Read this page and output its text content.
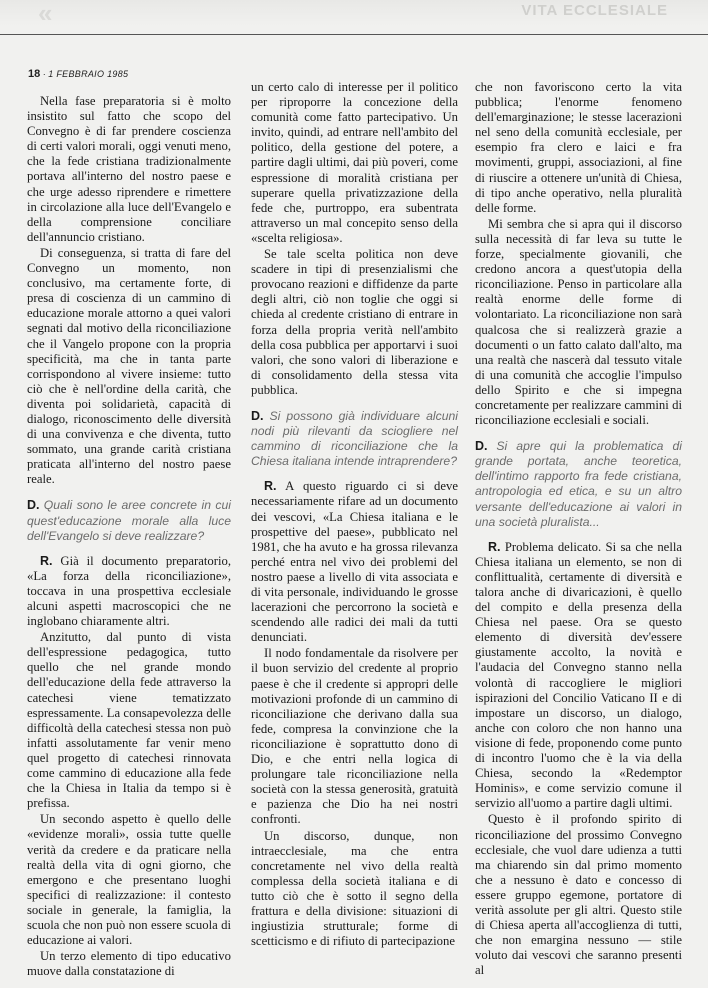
«	VITA ECCLESIALE
18 · 1 FEBBRAIO 1985

Nella fase preparatoria si è molto insistito sul fatto che scopo del Convegno è di far prendere coscienza di certi valori morali, oggi venuti meno, che la fede cristiana tradizionalmente portava all'interno del nostro paese e che urge adesso riprendere e rimettere in circolazione alla luce dell'Evangelo e della comprensione conciliare dell'annuncio cristiano.

Di conseguenza, si tratta di fare del Convegno un momento, non conclusivo, ma certamente forte, di presa di coscienza di un cammino di educazione morale attorno a quei valori segnati dal motivo della riconciliazione che il Vangelo propone con la propria specificità, ma che in tanta parte corrispondono al vivere insieme: tutto ciò che è nell'ordine della carità, che diventa poi solidarietà, capacità di dialogo, riconoscimento delle diversità di una convivenza e che diventa, tutto sommato, una grande carità cristiana praticata all'interno del nostro paese reale.

D. Quali sono le aree concrete in cui quest'educazione morale alla luce dell'Evangelo si deve realizzare?

R. Già il documento preparatorio, «La forza della riconciliazione», toccava in una prospettiva ecclesiale alcuni aspetti macroscopici che ne inglobano chiaramente altri.

Anzitutto, dal punto di vista dell'espressione pedagogica, tutto quello che nel grande mondo dell'educazione della fede attraverso la catechesi viene tematizzato espressamente. La consapevolezza delle difficoltà della catechesi stessa non può infatti assolutamente far venir meno quel progetto di catechesi rinnovata come cammino di educazione alla fede che la Chiesa in Italia da tempo si è prefissa.

Un secondo aspetto è quello delle «evidenze morali», ossia tutte quelle verità da credere e da praticare nella realtà della vita di ogni giorno, che emergono e che presentano luoghi specifici di realizzazione: il contesto sociale in generale, la famiglia, la scuola che non può non essere scuola di educazione ai valori.

Un terzo elemento di tipo educativo muove dalla constatazione di

un certo calo di interesse per il politico per riproporre la concezione della comunità come fatto partecipativo. Un invito, quindi, ad entrare nell'ambito del politico, della gestione del potere, a partire dagli ultimi, dai più poveri, come espressione di moralità cristiana per superare quella privatizzazione della fede che, purtroppo, era subentrata attraverso un mal concepito senso della «scelta religiosa».

Se tale scelta politica non deve scadere in tipi di presenzialismi che provocano reazioni e diffidenze da parte degli altri, ciò non toglie che oggi si chieda al credente cristiano di entrare in forza della propria verità nell'ambito della cosa pubblica per apportarvi i suoi valori, che sono valori di liberazione e di consolidamento della stessa vita pubblica.

D. Si possono già individuare alcuni nodi più rilevanti da sciogliere nel cammino di riconciliazione che la Chiesa italiana intende intraprendere?

R. A questo riguardo ci si deve necessariamente rifare ad un documento dei vescovi, «La Chiesa italiana e le prospettive del paese», pubblicato nel 1981, che ha avuto e ha grossa rilevanza perché entra nel vivo dei problemi del nostro paese a livello di vita associata e di vita personale, individuando le grosse lacerazioni che percorrono la società e scendendo alle radici dei mali da tutti denunciati.

Il nodo fondamentale da risolvere per il buon servizio del credente al proprio paese è che il credente si appropri delle motivazioni profonde di un cammino di riconciliazione che derivano dalla sua fede, compresa la convinzione che la riconciliazione è soprattutto dono di Dio, e che entri nella logica di prolungare tale riconciliazione nella società con la stessa generosità, gratuità e pazienza che Dio ha nei nostri confronti.

Un discorso, dunque, non intraecclesiale, ma che entra concretamente nel vivo della realtà complessa della società italiana e di tutto ciò che è sotto il segno della frattura e della divisione: situazioni di ingiustizia strutturale; forme di scetticismo e di rifiuto di partecipazione

che non favoriscono certo la vita pubblica; l'enorme fenomeno dell'emarginazione; le stesse lacerazioni nel seno della comunità ecclesiale, per esempio fra clero e laici e fra movimenti, gruppi, associazioni, al fine di riuscire a ottenere un'unità di Chiesa, di tipo anche operativo, nella pluralità delle forme.

Mi sembra che si apra qui il discorso sulla necessità di far leva su tutte le forze, specialmente giovanili, che credono ancora a quest'utopia della riconciliazione. Penso in particolare alla realtà enorme delle forme di volontariato. La riconciliazione non sarà qualcosa che si realizzerà grazie a documenti o un fatto calato dall'alto, ma una realtà che nascerà dal tessuto vitale di una comunità che accoglie l'impulso dello Spirito e che si impegna concretamente per realizzare cammini di riconciliazione ecclesiali e sociali.

D. Si apre qui la problematica di grande portata, anche teoretica, dell'intimo rapporto fra fede cristiana, antropologia ed etica, e su un altro versante dell'educazione ai valori in una società pluralista...

R. Problema delicato. Si sa che nella Chiesa italiana un elemento, se non di conflittualità, certamente di diversità e talora anche di divaricazioni, è quello del compito e della presenza della Chiesa nel paese. Ora se questo elemento di diversità dev'essere giustamente accolto, la novità e l'audacia del Convegno stanno nella volontà di raccogliere le migliori ispirazioni del Concilio Vaticano II e di impostare un discorso, un dialogo, anche con coloro che non hanno una visione di fede, proponendo come punto di incontro l'uomo che è la via della Chiesa, secondo la «Redemptor Hominis», e come servizio comune il servizio all'uomo a partire dagli ultimi.

Questo è il profondo spirito di riconciliazione del prossimo Convegno ecclesiale, che vuol dare udienza a tutti ma chiarendo sin dal primo momento che a nessuno è dato e concesso di essere gruppo egemone, portatore di verità assolute per gli altri. Questo stile di Chiesa aperta all'accoglienza di tutti, che non emargina nessuno — stile voluto dai vescovi che saranno presenti al
